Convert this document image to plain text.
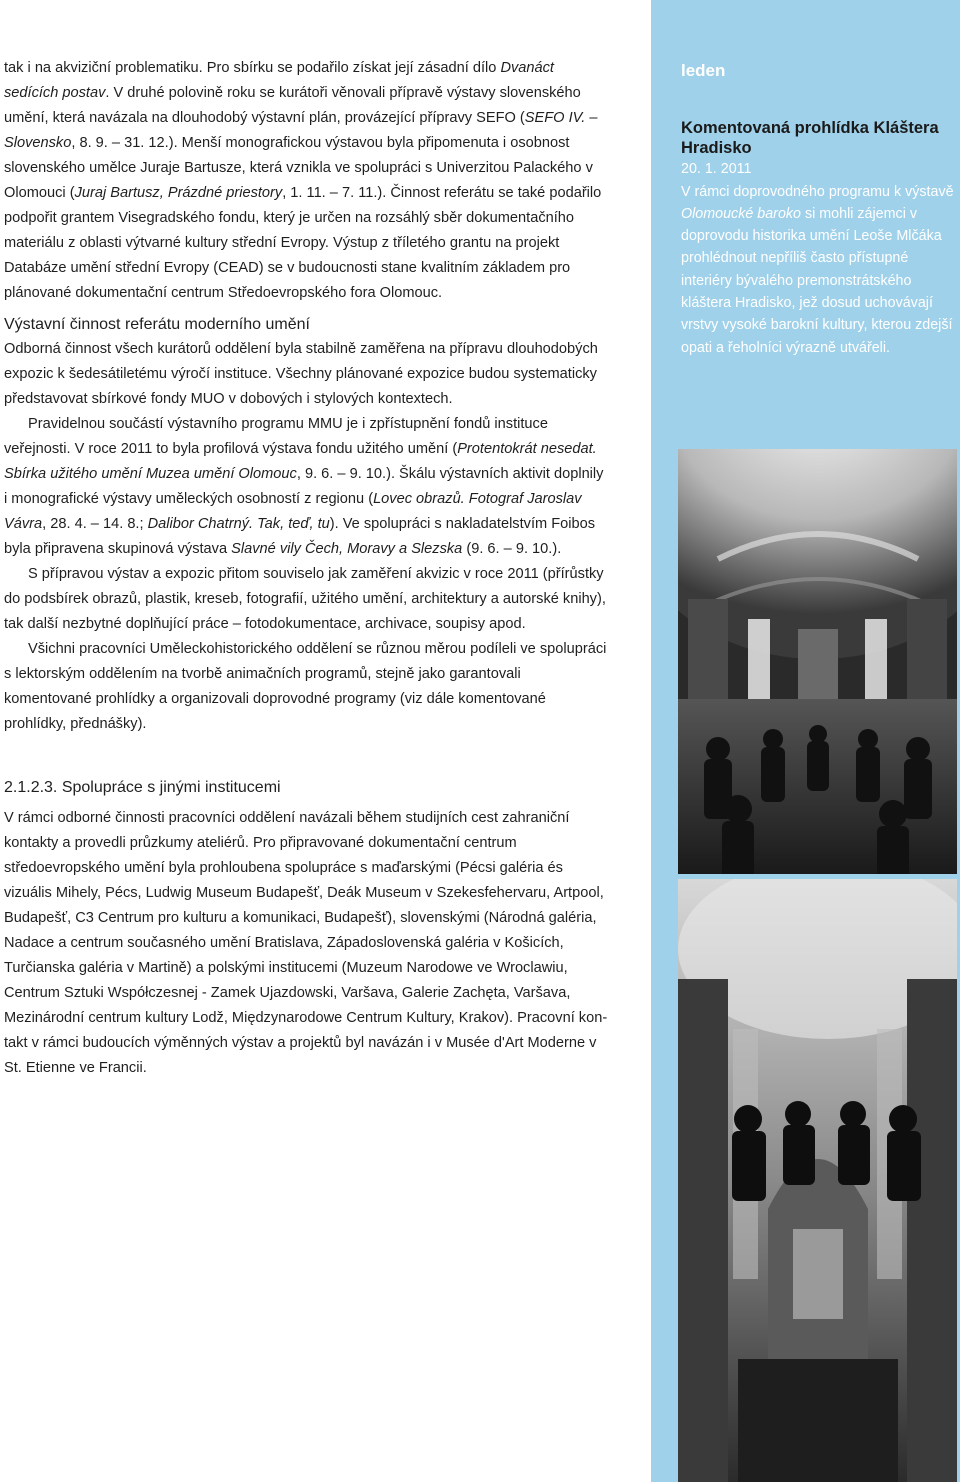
tak i na akviziční problematiku. Pro sbírku se podařilo získat její zásadní dílo Dvanáct sedících postav. V druhé polovině roku se kurátoři věnovali přípravě výstavy slovenského umění, která navázala na dlouhodobý výstavní plán, provázející přípravy SEFO (SEFO IV. – Slovensko, 8. 9. – 31. 12.). Menší monografickou výstavou byla připomenuta i osobnost slovenského umělce Juraje Bartusze, která vznikla ve spolupráci s Univerzitou Palackého v Olomouci (Juraj Bartusz, Prázdné priestory, 1. 11. – 7. 11.). Činnost referátu se také podařilo podpořit grantem Visegradského fondu, který je určen na rozsáhlý sběr dokumentačního materiálu z oblasti výtvarné kultury střední Evropy. Výstup z tříletého grantu na projekt Databáze umění střední Evropy (CEAD) se v budoucnosti stane kvalitním základem pro plánované dokumentační centrum Středoevropského fora Olomouc.

Výstavní činnost referátu moderního umění

Odborná činnost všech kurátorů oddělení byla stabilně zaměřena na přípravu dlouhodobých expozic k šedesátiletému výročí instituce. Všechny plánované expozice budou systematicky představovat sbírkové fondy MUO v dobových i stylových kontextech.

Pravidelnou součástí výstavního programu MMU je i zpřístupnění fondů instituce veřejnosti. V roce 2011 to byla profilová výstava fondu užitého umění (Protentokrát nesedat. Sbírka užitého umění Muzea umění Olomouc, 9. 6. – 9. 10.). Škálu výstavních aktivit doplnily i monografické výstavy uměleckých osobností z regionu (Lovec obrazů. Fotograf Jaroslav Vávra, 28. 4. – 14. 8.; Dalibor Chatrný. Tak, teď, tu). Ve spolupráci s nakladatelstvím Foibos byla připravena skupinová výstava Slavné vily Čech, Moravy a Slezska (9. 6. – 9. 10.).

S přípravou výstav a expozic přitom souviselo jak zaměření akvizic v roce 2011 (přírůstky do podsbírek obrazů, plastik, kreseb, fotografií, užitého umění, architektury a autorské knihy), tak další nezbytné doplňující práce – fotodokumentace, archivace, soupisy apod.

Všichni pracovníci Uměleckohistorického oddělení se různou měrou podíleli ve spolupráci s lektorským oddělením na tvorbě animačních programů, stejně jako garantovali komentované prohlídky a organizovali doprovodné programy (viz dále komentované prohlídky, přednášky).

2.1.2.3. Spolupráce s jinými institucemi

V rámci odborné činnosti pracovníci oddělení navázali během studijních cest zahraniční kontakty a provedli průzkumy ateliérů. Pro připravované dokumentační centrum středoevropského umění byla prohloubena spolupráce s maďarskými (Pécsi galéria és vizuális Mihely, Pécs, Ludwig Museum Budapešť, Deák Museum v Szekesfehervaru, Artpool, Budapešť, C3 Centrum pro kulturu a komunikaci, Budapešť), slovenskými (Národná galéria, Nadace a centrum současného umění Bratislava, Západoslovenská galéria v Košicích, Turčianska galéria v Martině) a polskými institucemi (Muzeum Narodowe ve Wroclawiu, Centrum Sztuki Współczesnej - Zamek Ujazdowski, Varšava, Galerie Zachęta, Varšava, Mezinárodní centrum kultury Lodž, Międzynarodowe Centrum Kultury, Krakov). Pracovní kontakt v rámci budoucích výměnných výstav a projektů byl navázán i v Musée d'Art Moderne v St. Etienne ve Francii.

leden

Komentovaná prohlídka Kláštera Hradisko

20. 1. 2011

V rámci doprovodného programu k výstavě Olomoucké baroko si mohli zájemci v doprovodu historika umění Leoše Mlčáka prohlédnout nepříliš často přístupné interiéry bývalého premonstrátského kláštera Hradisko, jež dosud uchovávají vrstvy vysoké barokní kultury, kterou zdejší opati a řeholníci výrazně utvářeli.
